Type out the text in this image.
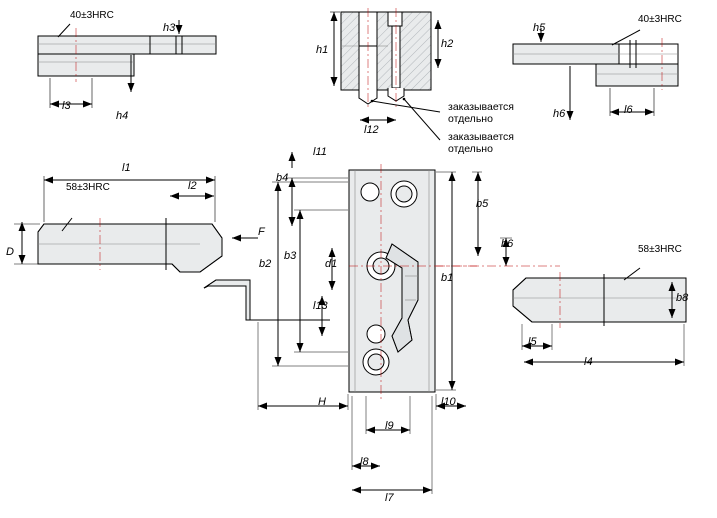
40±3HRC	40±3HRC
58±3HRC
58±3HRC
заказывается
отдельно
заказывается
отдельно
l3
h4
h3
h1	h2
l12
h5
h6	l6
l1
l2
D
F
l11
b4
b3
b2	d1
l13
b1
b5
b6
H	l10
l9
l8
l7
l5
l4
b8
